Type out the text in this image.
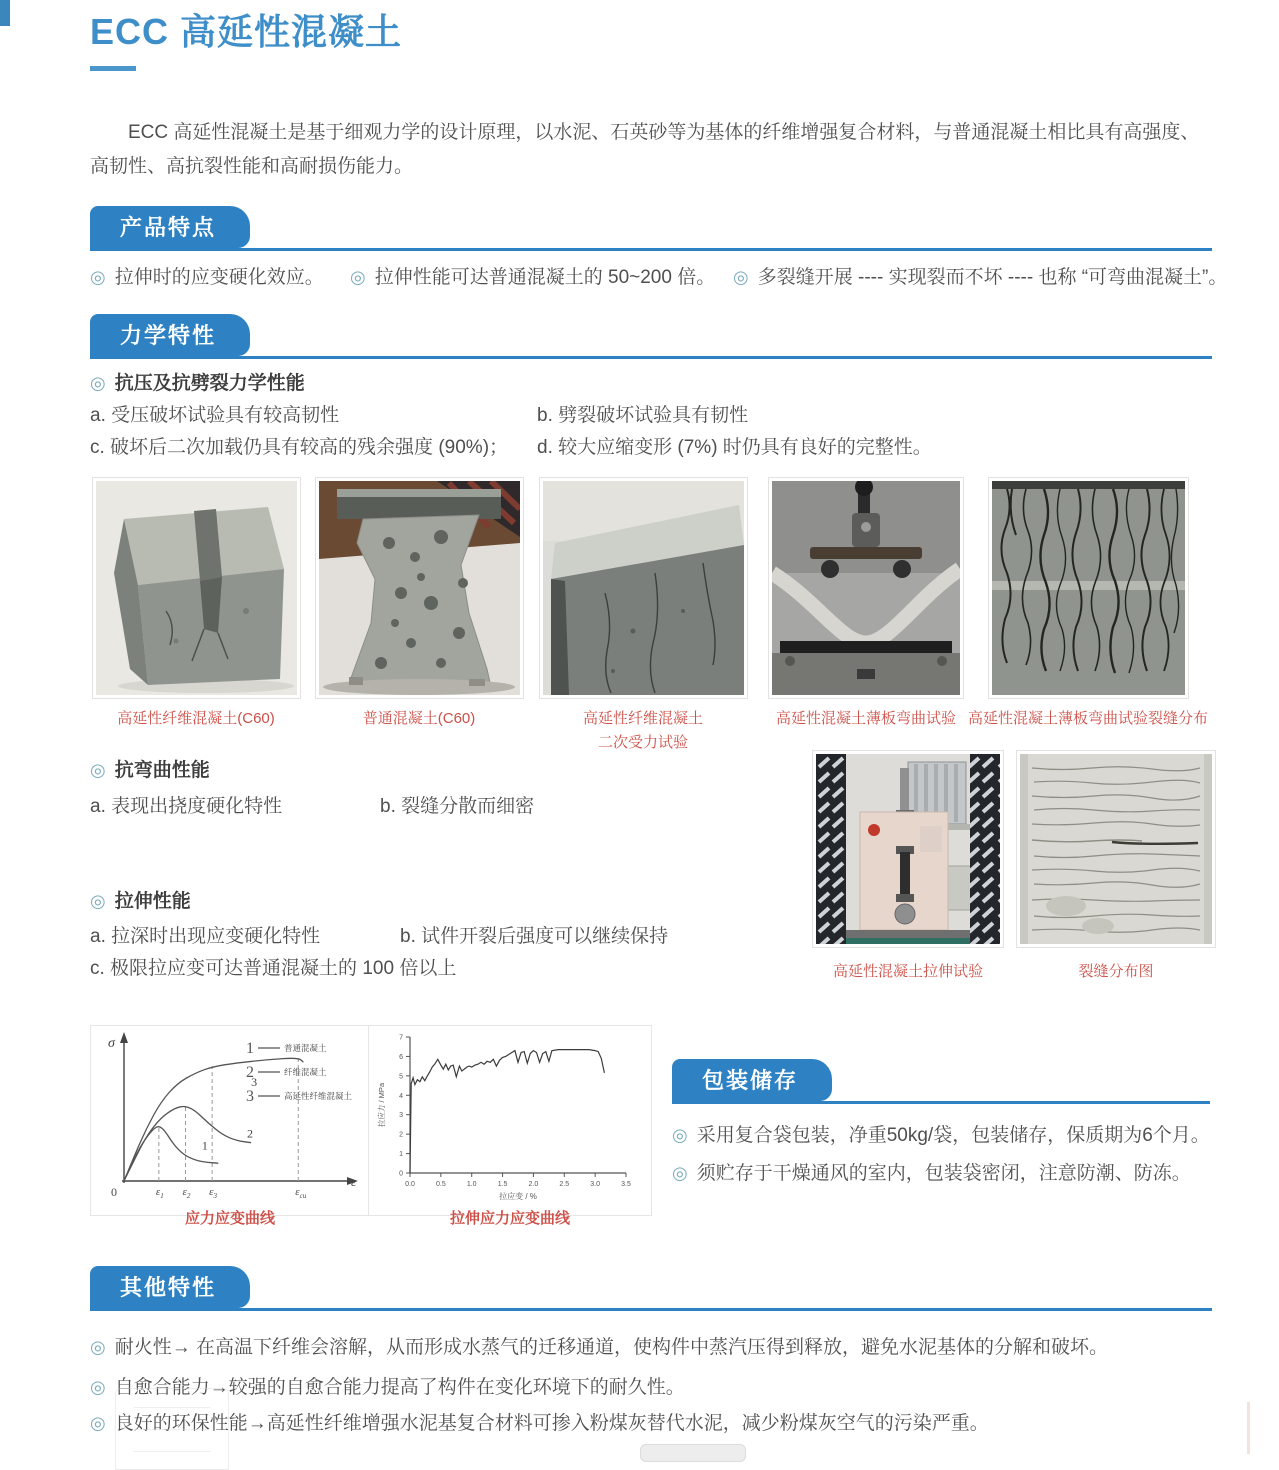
ECC 高延性混凝土
ECC 高延性混凝土是基于细观力学的设计原理，以水泥、石英砂等为基体的纤维增强复合材料，与普通混凝土相比具有高强度、高韧性、高抗裂性能和高耐损伤能力。
产品特点
◎ 拉伸时的应变硬化效应。 ◎ 拉伸性能可达普通混凝土的 50~200 倍。 ◎ 多裂缝开展 ---- 实现裂而不坏 ---- 也称 “可弯曲混凝土”。
力学特性
◎ 抗压及抗劈裂力学性能
a. 受压破坏试验具有较高韧性	b. 劈裂破坏试验具有韧性
c. 破坏后二次加载仍具有较高的残余强度 (90%)； d. 较大应缩变形 (7%) 时仍具有良好的完整性。
高延性纤维混凝土(C60)	普通混凝土(C60)	高延性纤维混凝土
二次受力试验
高延性混凝土薄板弯曲试验 高延性混凝土薄板弯曲试验裂缝分布
◎ 抗弯曲性能
a. 表现出挠度硬化特性	b. 裂缝分散而细密
◎ 拉伸性能
a. 拉深时出现应变硬化特性	b. 试件开裂后强度可以继续保持
c. 极限拉应变可达普通混凝土的 100 倍以上	高延性混凝土拉伸试验	裂缝分布图
σ
ε
0	$\varepsilon_1$ $\varepsilon_2$ $\varepsilon_3$	$\varepsilon_{cu}$
1
2
3
1	普通混凝土
2	纤维混凝土
3	高延性纤维混凝土
0
1
2
3
4
5
6
7
0.0	0.5	1.0	1.5	2.0	2.5	3.0	3.5
拉应力 / MPa
拉应变 / %
应力应变曲线	拉伸应力应变曲线
包装储存
◎ 采用复合袋包装，净重50kg/袋，包装储存，保质期为6个月。
◎ 须贮存于干燥通风的室内，包装袋密闭，注意防潮、防冻。
其他特性
◎ 耐火性→ 在高温下纤维会溶解，从而形成水蒸气的迁移通道，使构件中蒸汽压得到释放，避免水泥基体的分解和破坏。
◎ 自愈合能力→较强的自愈合能力提高了构件在变化环境下的耐久性。
◎ 良好的环保性能→高延性纤维增强水泥基复合材料可掺入粉煤灰替代水泥，减少粉煤灰空气的污染严重。
